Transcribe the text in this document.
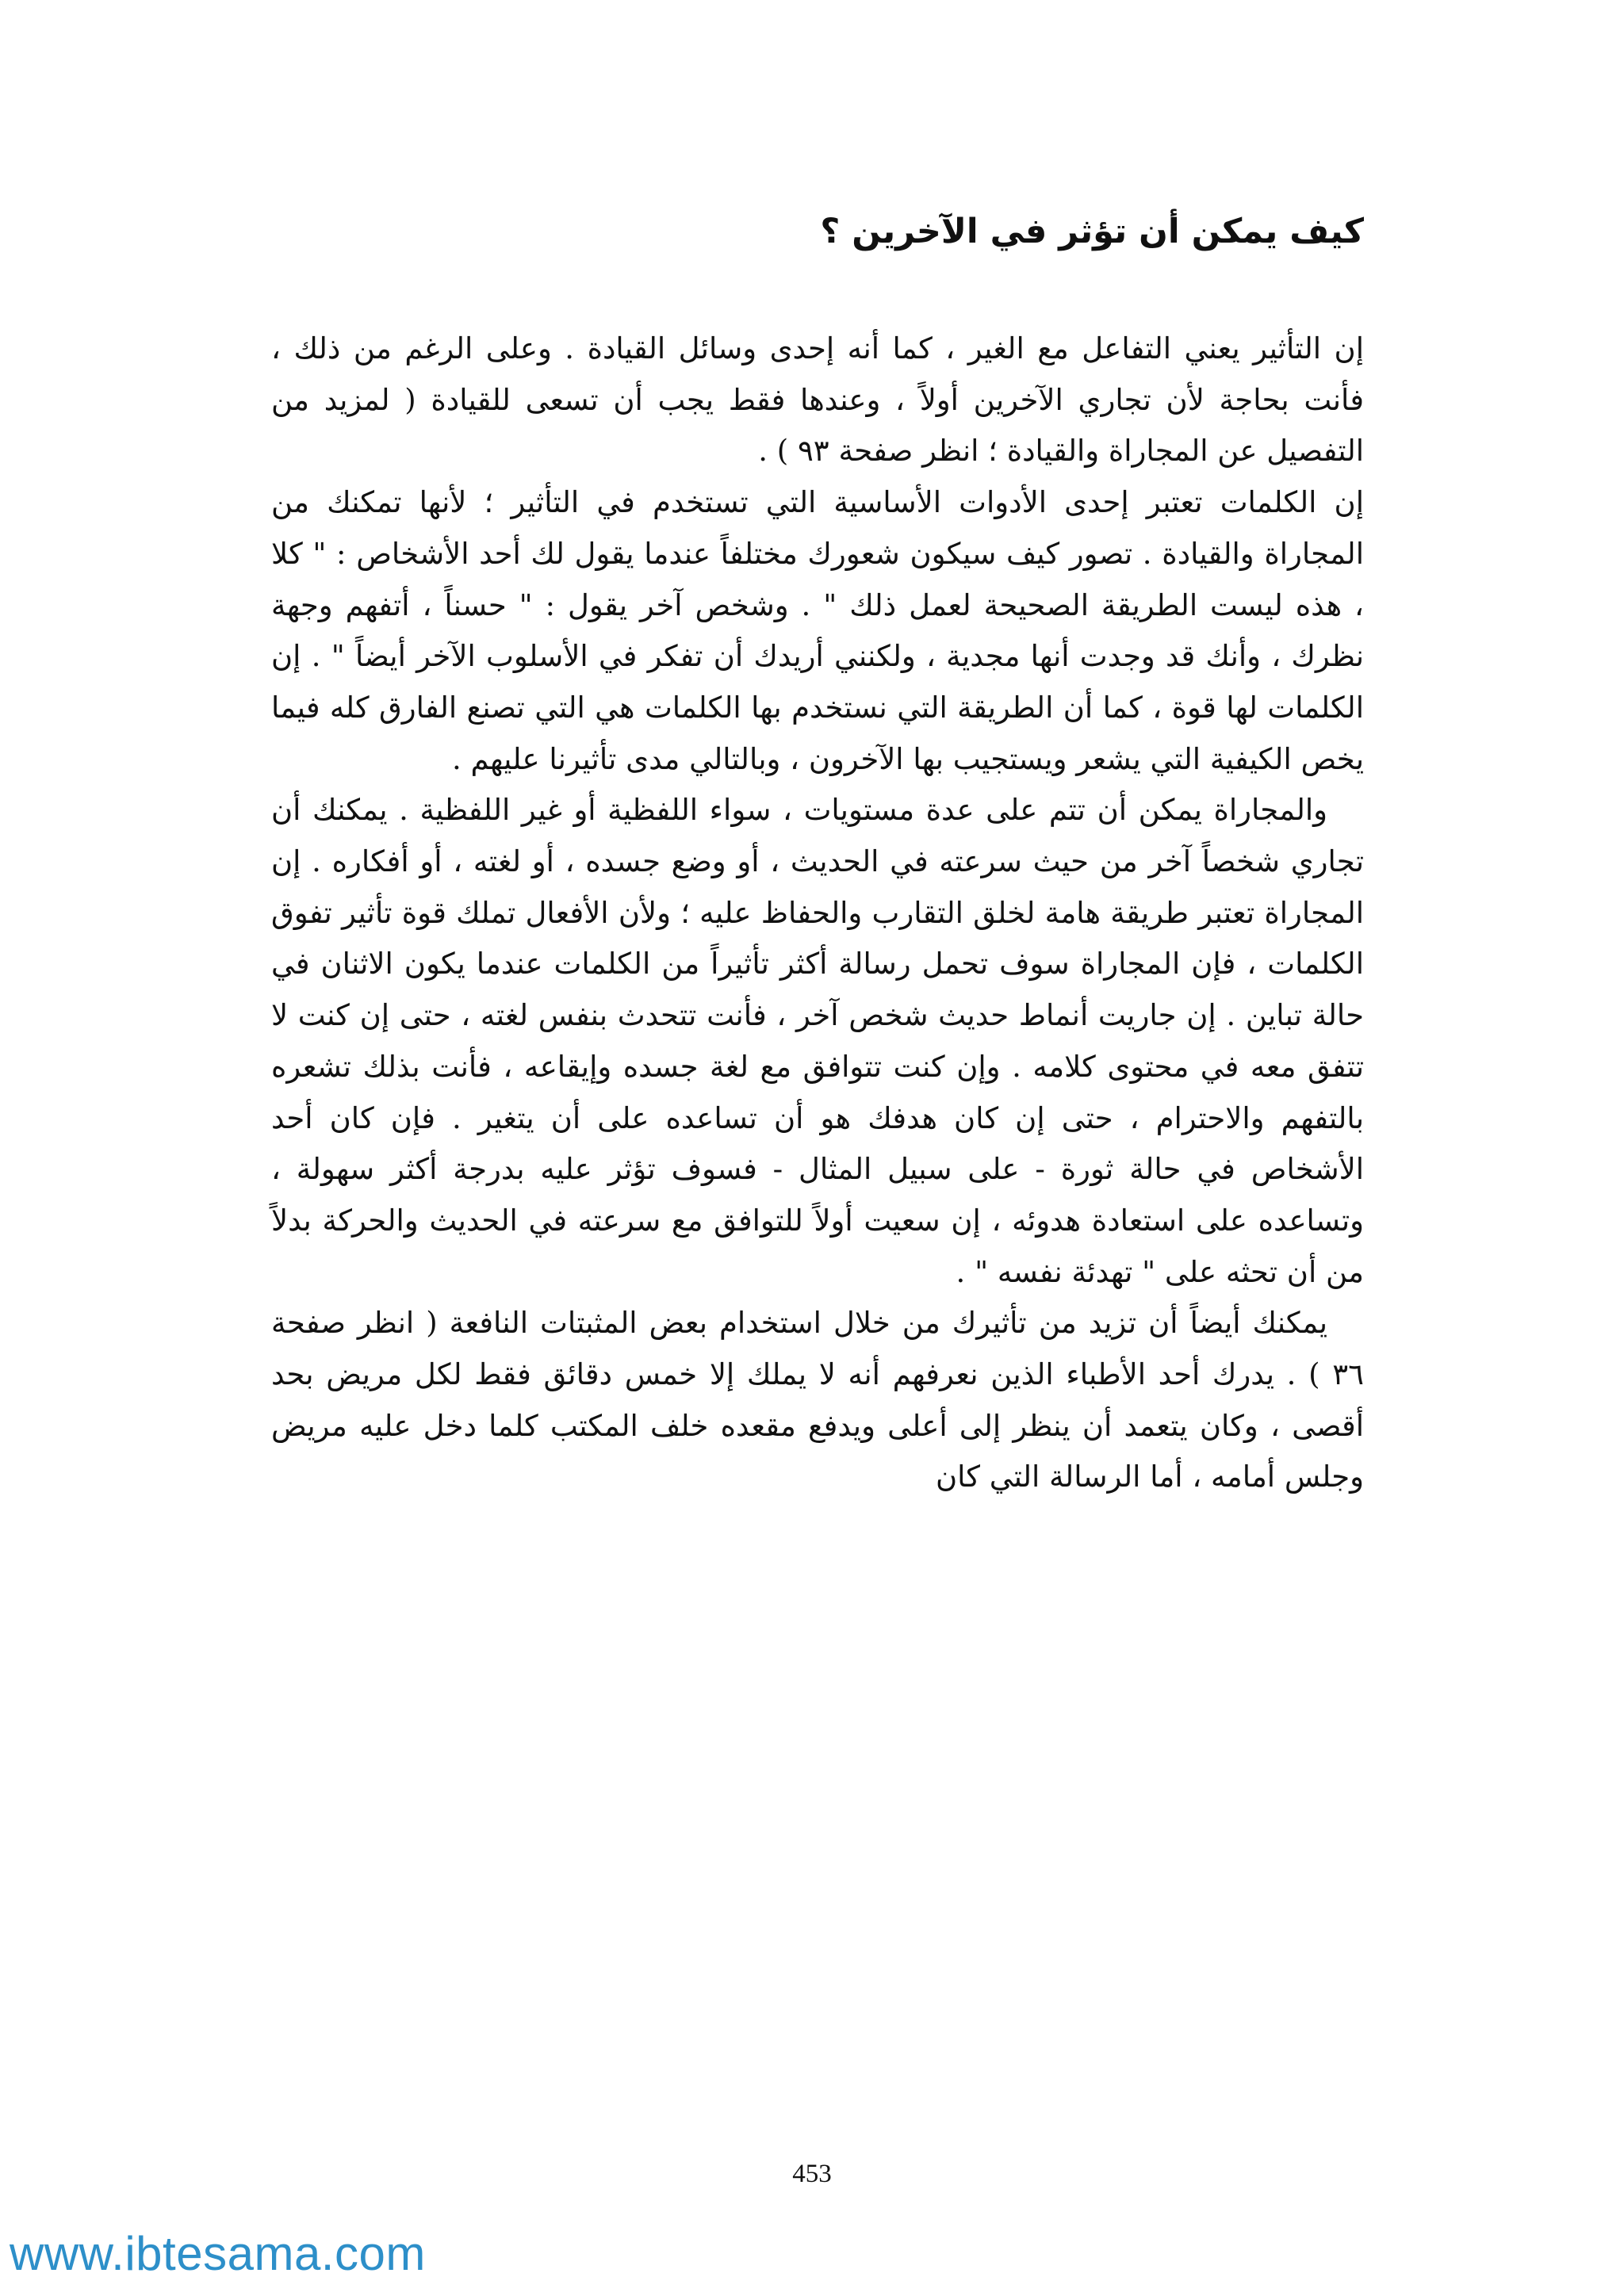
كيف يمكن أن تؤثر في الآخرين ؟

إن التأثير يعني التفاعل مع الغير ، كما أنه إحدى وسائل القيادة . وعلى الرغم من ذلك ، فأنت بحاجة لأن تجاري الآخرين أولاً ، وعندها فقط يجب أن تسعى للقيادة ( لمزيد من التفصيل عن المجاراة والقيادة ؛ انظر صفحة ٩٣ ) .

إن الكلمات تعتبر إحدى الأدوات الأساسية التي تستخدم في التأثير ؛ لأنها تمكنك من المجاراة والقيادة . تصور كيف سيكون شعورك مختلفاً عندما يقول لك أحد الأشخاص : " كلا ، هذه ليست الطريقة الصحيحة لعمل ذلك " . وشخص آخر يقول : " حسناً ، أتفهم وجهة نظرك ، وأنك قد وجدت أنها مجدية ، ولكنني أريدك أن تفكر في الأسلوب الآخر أيضاً " . إن الكلمات لها قوة ، كما أن الطريقة التي نستخدم بها الكلمات هي التي تصنع الفارق كله فيما يخص الكيفية التي يشعر ويستجيب بها الآخرون ، وبالتالي مدى تأثيرنا عليهم .

والمجاراة يمكن أن تتم على عدة مستويات ، سواء اللفظية أو غير اللفظية . يمكنك أن تجاري شخصاً آخر من حيث سرعته في الحديث ، أو وضع جسده ، أو لغته ، أو أفكاره . إن المجاراة تعتبر طريقة هامة لخلق التقارب والحفاظ عليه ؛ ولأن الأفعال تملك قوة تأثير تفوق الكلمات ، فإن المجاراة سوف تحمل رسالة أكثر تأثيراً من الكلمات عندما يكون الاثنان في حالة تباين . إن جاريت أنماط حديث شخص آخر ، فأنت تتحدث بنفس لغته ، حتى إن كنت لا تتفق معه في محتوى كلامه . وإن كنت تتوافق مع لغة جسده وإيقاعه ، فأنت بذلك تشعره بالتفهم والاحترام ، حتى إن كان هدفك هو أن تساعده على أن يتغير . فإن كان أحد الأشخاص في حالة ثورة - على سبيل المثال - فسوف تؤثر عليه بدرجة أكثر سهولة ، وتساعده على استعادة هدوئه ، إن سعيت أولاً للتوافق مع سرعته في الحديث والحركة بدلاً من أن تحثه على " تهدئة نفسه " .

يمكنك أيضاً أن تزيد من تأثيرك من خلال استخدام بعض المثبتات النافعة ( انظر صفحة ٣٦ ) . يدرك أحد الأطباء الذين نعرفهم أنه لا يملك إلا خمس دقائق فقط لكل مريض بحد أقصى ، وكان يتعمد أن ينظر إلى أعلى ويدفع مقعده خلف المكتب كلما دخل عليه مريض وجلس أمامه ، أما الرسالة التي كان

453
www.ibtesama.com
